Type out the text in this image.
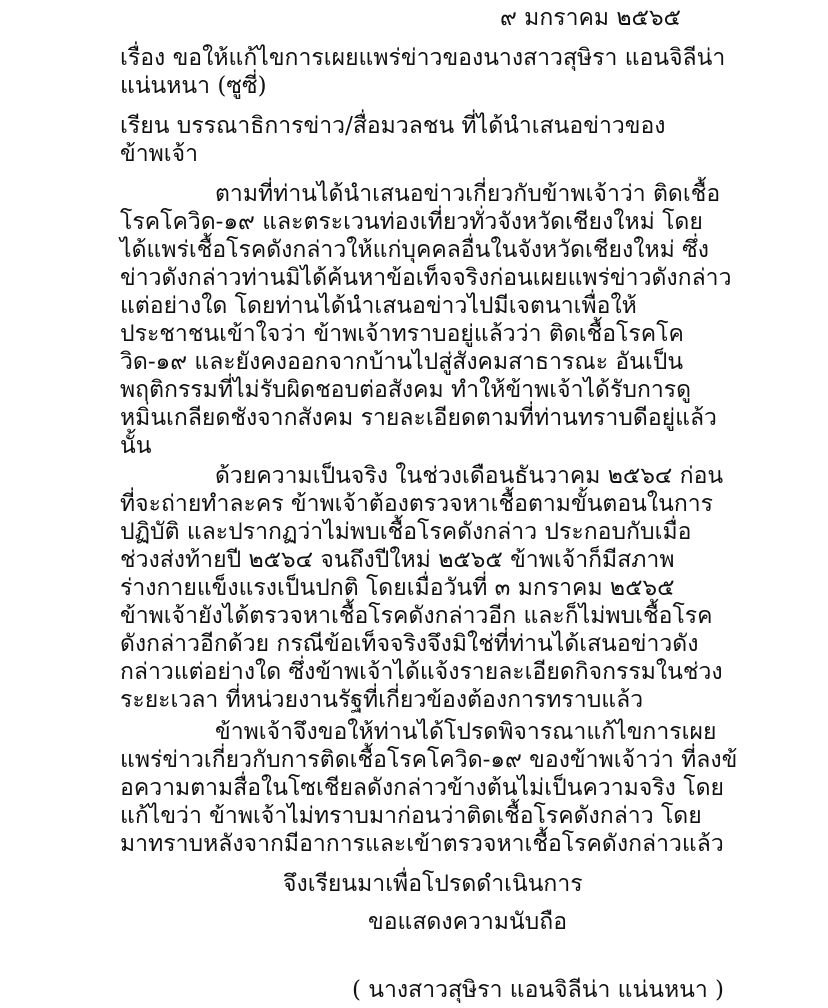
๙ มกราคม ๒๕๖๕
เรื่อง ขอให้แก้ไขการเผยแพร่ข่าวของนางสาวสุษิรา แอนจิลีน่า
แน่นหนา (ซูซี่)
เรียน บรรณาธิการข่าว/สื่อมวลชน ที่ได้นำเสนอข่าวของ
ข้าพเจ้า
ตามที่ท่านได้นำเสนอข่าวเกี่ยวกับข้าพเจ้าว่า ติดเชื้อ
โรคโควิด-๑๙ และตระเวนท่องเที่ยวทั่วจังหวัดเชียงใหม่ โดย
ได้แพร่เชื้อโรคดังกล่าวให้แก่บุคคลอื่นในจังหวัดเชียงใหม่ ซึ่ง
ข่าวดังกล่าวท่านมิได้ค้นหาข้อเท็จจริงก่อนเผยแพร่ข่าวดังกล่าว
แต่อย่างใด โดยท่านได้นำเสนอข่าวไปมีเจตนาเพื่อให้
ประชาชนเข้าใจว่า ข้าพเจ้าทราบอยู่แล้วว่า ติดเชื้อโรคโค
วิด-๑๙ และยังคงออกจากบ้านไปสู่สังคมสาธารณะ อันเป็น
พฤติกรรมที่ไม่รับผิดชอบต่อสังคม ทำให้ข้าพเจ้าได้รับการดู
หมิ่นเกลียดชังจากสังคม รายละเอียดตามที่ท่านทราบดีอยู่แล้ว
นั้น
ด้วยความเป็นจริง ในช่วงเดือนธันวาคม ๒๕๖๔ ก่อน
ที่จะถ่ายทำละคร ข้าพเจ้าต้องตรวจหาเชื้อตามขั้นตอนในการ
ปฏิบัติ และปรากฏว่าไม่พบเชื้อโรคดังกล่าว ประกอบกับเมื่อ
ช่วงส่งท้ายปี ๒๕๖๔ จนถึงปีใหม่ ๒๕๖๕ ข้าพเจ้าก็มีสภาพ
ร่างกายแข็งแรงเป็นปกติ โดยเมื่อวันที่ ๓ มกราคม ๒๕๖๕
ข้าพเจ้ายังได้ตรวจหาเชื้อโรคดังกล่าวอีก และก็ไม่พบเชื้อโรค
ดังกล่าวอีกด้วย กรณีข้อเท็จจริงจึงมิใช่ที่ท่านได้เสนอข่าวดัง
กล่าวแต่อย่างใด ซึ่งข้าพเจ้าได้แจ้งรายละเอียดกิจกรรมในช่วง
ระยะเวลา ที่หน่วยงานรัฐที่เกี่ยวข้องต้องการทราบแล้ว
ข้าพเจ้าจึงขอให้ท่านได้โปรดพิจารณาแก้ไขการเผย
แพร่ข่าวเกี่ยวกับการติดเชื้อโรคโควิด-๑๙ ของข้าพเจ้าว่า ที่ลงข้
อความตามสื่อในโซเชียลดังกล่าวข้างต้นไม่เป็นความจริง โดย
แก้ไขว่า ข้าพเจ้าไม่ทราบมาก่อนว่าติดเชื้อโรคดังกล่าว โดย
มาทราบหลังจากมีอาการและเข้าตรวจหาเชื้อโรคดังกล่าวแล้ว
จึงเรียนมาเพื่อโปรดดำเนินการ
ขอแสดงความนับถือ
( นางสาวสุษิรา แอนจิลีน่า แน่นหนา )
